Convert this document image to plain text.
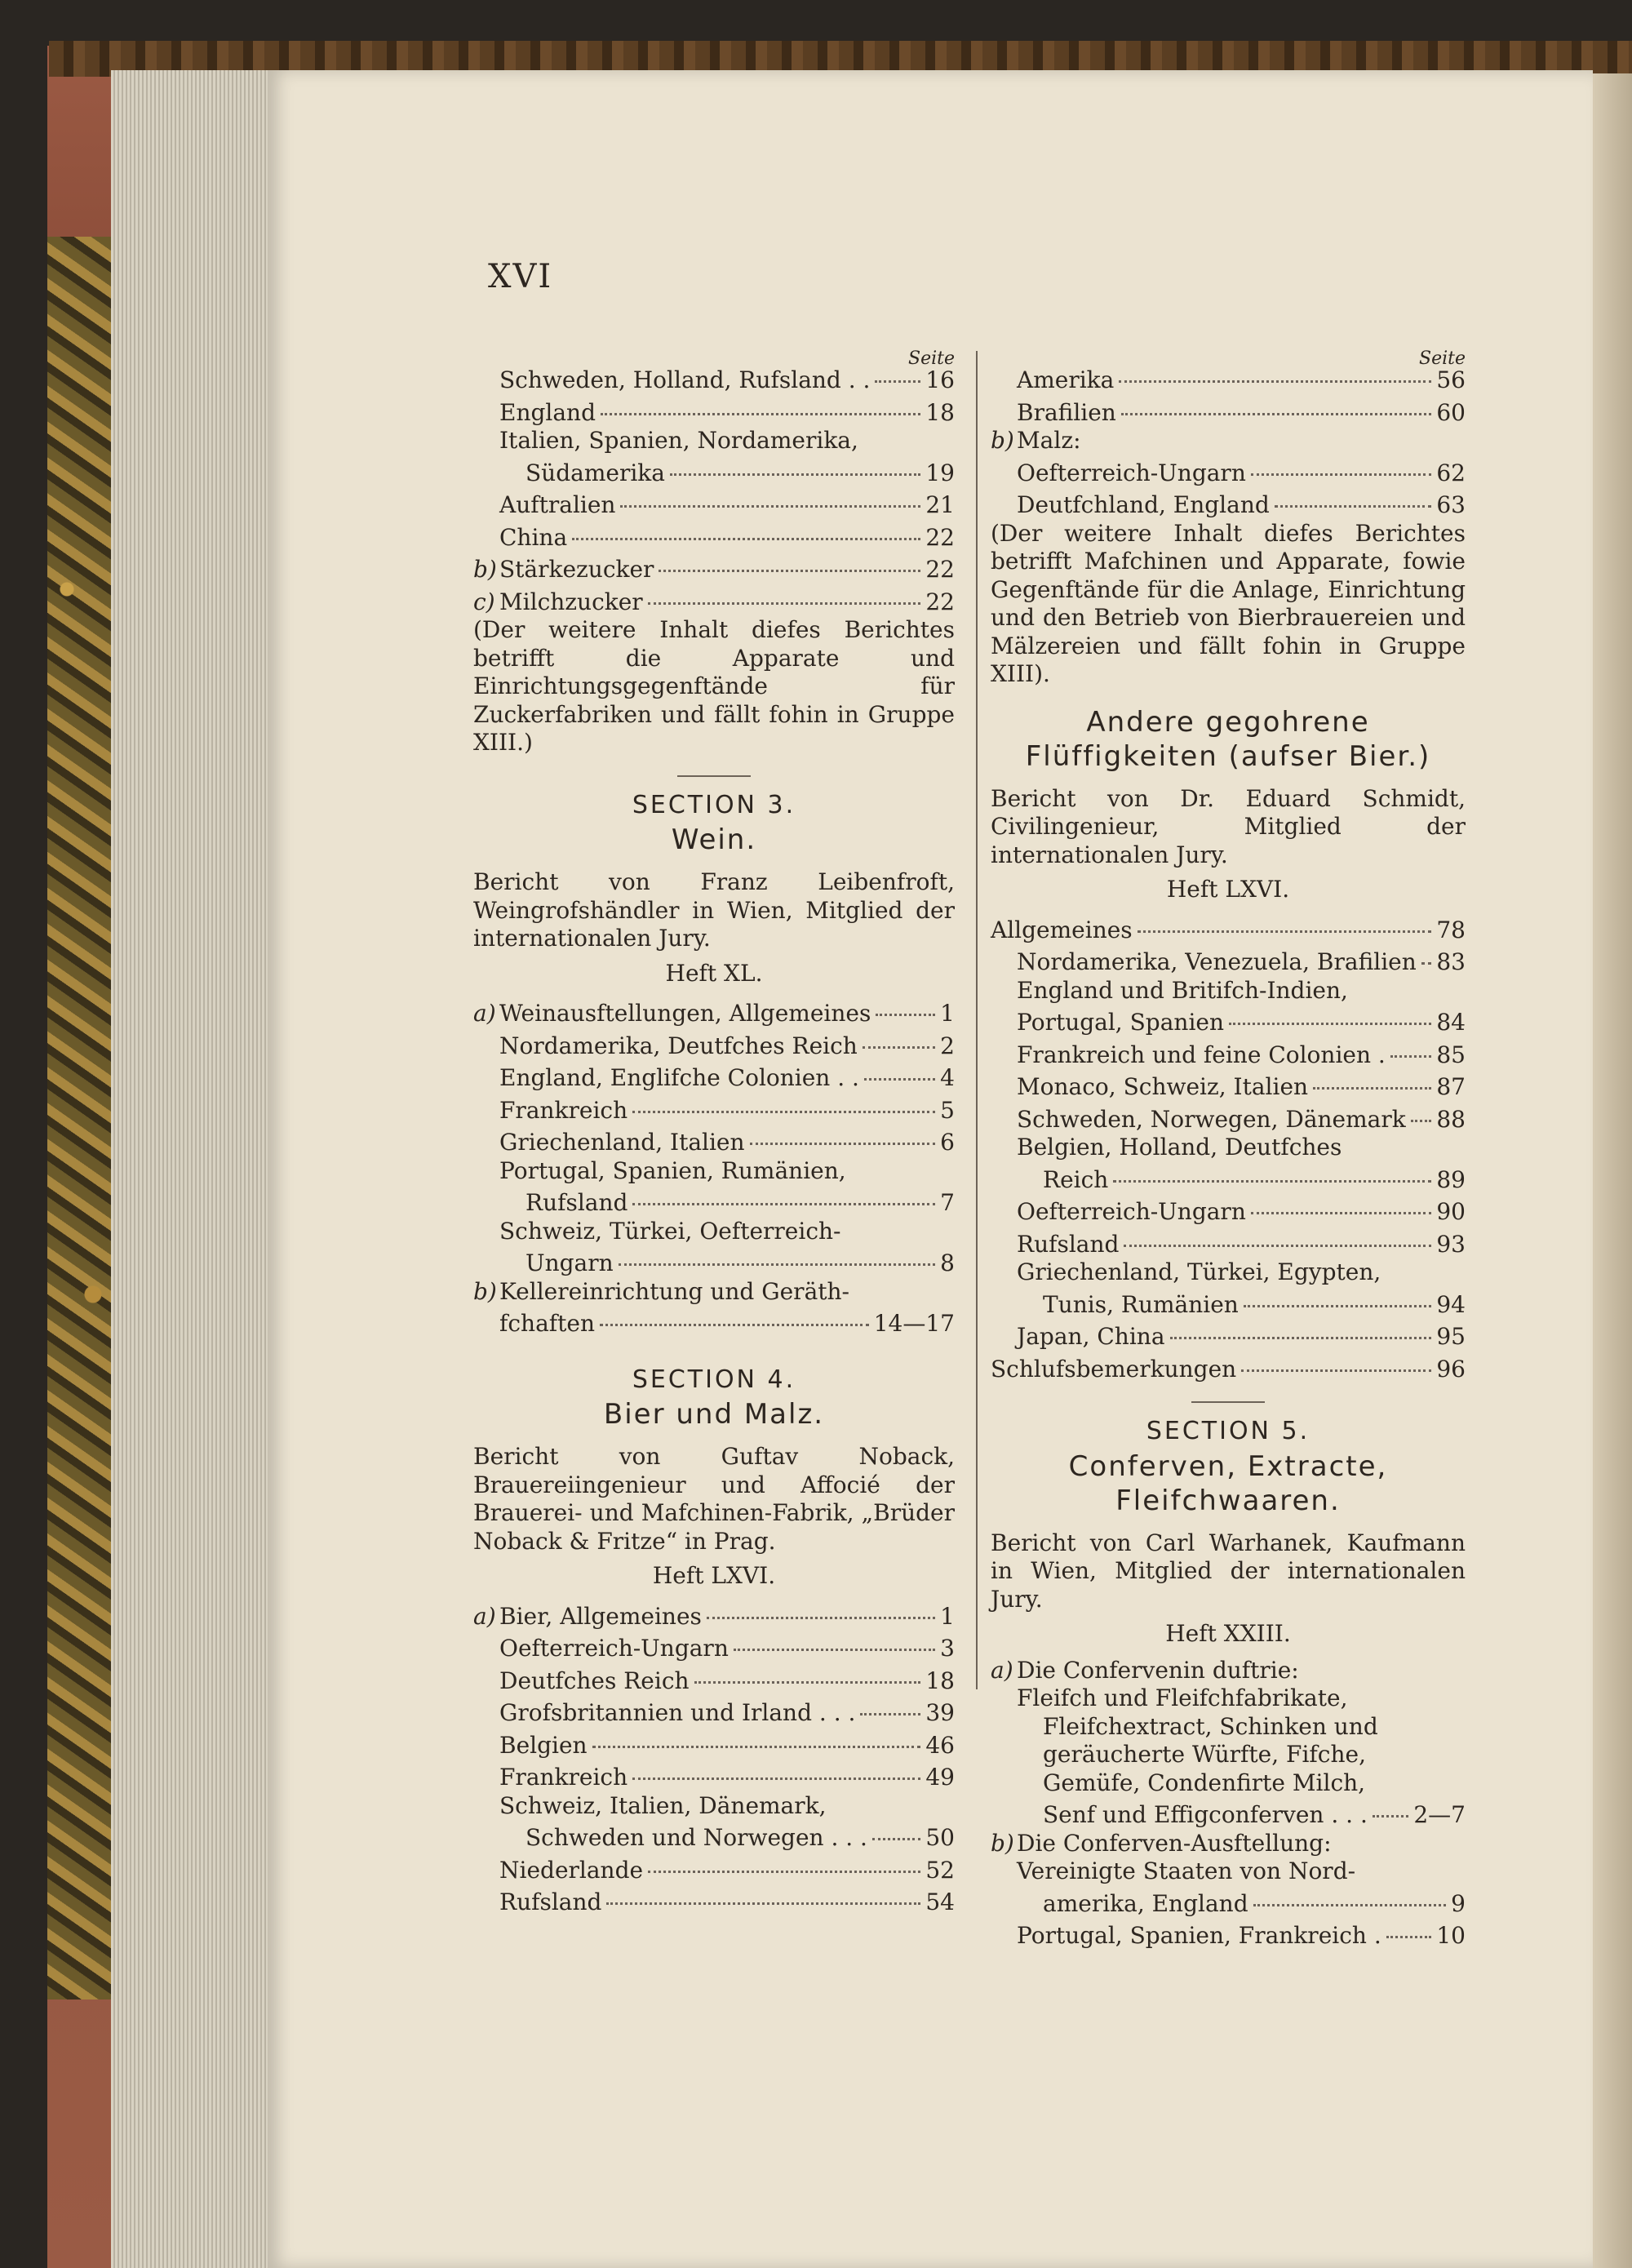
XVI
Seite
Schweden, Holland, Rufsland . . 16
England	18
Italien, Spanien, Nordamerika,
Südamerika	19
Auftralien	21
China	22
b) Stärkezucker	22
c) Milchzucker	22
(Der weitere Inhalt diefes Berichtes betrifft die Apparate und Einrichtungsgegenftände für Zuckerfabriken und fällt fohin in Gruppe XIII.)
SECTION 3.
Wein.
Bericht von Franz Leibenfroft, Weingrofshändler in Wien, Mitglied der internationalen Jury.
Heft XL.
a) Weinausftellungen, Allgemeines	1
Nordamerika, Deutfches Reich	2
England, Englifche Colonien . .	4
Frankreich	5
Griechenland, Italien	6
Portugal, Spanien, Rumänien,
Rufsland	7
Schweiz, Türkei, Oefterreich-
Ungarn	8
b) Kellereinrichtung und Geräth-
fchaften	14—17
SECTION 4.
Bier und Malz.
Bericht von Guftav Noback, Brauereiingenieur und Affocié der Brauerei- und Mafchinen-Fabrik, „Brüder Noback & Fritze“ in Prag.
Heft LXVI.
a) Bier, Allgemeines	1
Oefterreich-Ungarn	3
Deutfches Reich	18
Grofsbritannien und Irland . . .	39
Belgien	46
Frankreich	49
Schweiz, Italien, Dänemark,
Schweden und Norwegen . . .	50
Niederlande	52
Rufsland	54
Seite
Amerika	56
Brafilien	60
b) Malz:
Oefterreich-Ungarn	62
Deutfchland, England	63
(Der weitere Inhalt diefes Berichtes betrifft Mafchinen und Apparate, fowie Gegenftände für die Anlage, Einrichtung und den Betrieb von Bierbrauereien und Mälzereien und fällt fohin in Gruppe XIII).
Andere gegohrene Flüffigkeiten (aufser Bier.)
Bericht von Dr. Eduard Schmidt, Civilingenieur, Mitglied der internationalen Jury.
Heft LXVI.
Allgemeines	78
Nordamerika, Venezuela, Brafilien 83
England und Britifch-Indien,
Portugal, Spanien	84
Frankreich und feine Colonien . 85
Monaco, Schweiz, Italien	87
Schweden, Norwegen, Dänemark 88
Belgien, Holland, Deutfches
Reich	89
Oefterreich-Ungarn	90
Rufsland	93
Griechenland, Türkei, Egypten,
Tunis, Rumänien	94
Japan, China	95
Schlufsbemerkungen	96
SECTION 5.
Conferven, Extracte, Fleifchwaaren.
Bericht von Carl Warhanek, Kaufmann in Wien, Mitglied der internationalen Jury.
Heft XXIII.
a) Die Confervenin duftrie:
Fleifch und Fleifchfabrikate,
Fleifchextract, Schinken und
geräucherte Würfte, Fifche,
Gemüfe, Condenfirte Milch,
Senf und Effigconferven . . . 2—7
b) Die Conferven-Ausftellung:
Vereinigte Staaten von Nord-
amerika, England	9
Portugal, Spanien, Frankreich . 10
